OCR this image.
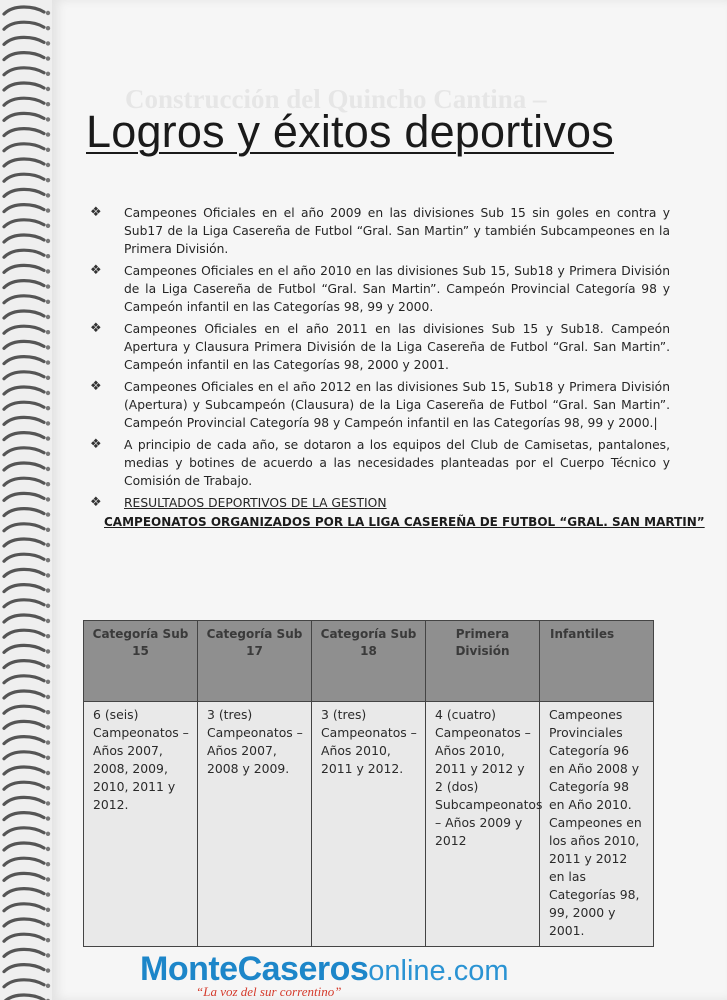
Construcción del Quincho Cantina –
Logros y éxitos deportivos
❖	Campeones Oficiales en el año 2009 en las divisiones Sub 15 sin goles en contra y Sub17 de la Liga Casereña de Futbol “Gral. San Martin” y también Subcampeones en la Primera División.
❖	Campeones Oficiales en el año 2010 en las divisiones Sub 15, Sub18 y Primera División de la Liga Casereña de Futbol “Gral. San Martin”. Campeón Provincial Categoría 98 y Campeón infantil en las Categorías 98, 99 y 2000.
❖	Campeones Oficiales en el año 2011 en las divisiones Sub 15 y Sub18. Campeón Apertura y Clausura Primera División de la Liga Casereña de Futbol “Gral. San Martin”. Campeón infantil en las Categorías 98, 2000 y 2001.
❖	Campeones Oficiales en el año 2012 en las divisiones Sub 15, Sub18 y Primera División (Apertura) y Subcampeón (Clausura) de la Liga Casereña de Futbol “Gral. San Martin”. Campeón Provincial Categoría 98 y Campeón infantil en las Categorías 98, 99 y 2000.|
❖	A principio de cada año, se dotaron a los equipos del Club de Camisetas, pantalones, medias y botines de acuerdo a las necesidades planteadas por el Cuerpo Técnico y Comisión de Trabajo.
❖	RESULTADOS DEPORTIVOS DE LA GESTION
CAMPEONATOS ORGANIZADOS POR LA LIGA CASEREÑA DE FUTBOL “GRAL. SAN MARTIN”
Categoría Sub 15	Categoría Sub 17	Categoría Sub 18	Primera División	Infantiles
6 (seis) Campeonatos – Años 2007, 2008, 2009, 2010, 2011 y 2012.	3 (tres) Campeonatos – Años 2007, 2008 y 2009.	3 (tres) Campeonatos – Años 2010, 2011 y 2012.	4 (cuatro) Campeonatos – Años 2010, 2011 y 2012 y 2 (dos) Subcampeonatos – Años 2009 y 2012	Campeones Provinciales Categoría 96 en Año 2008 y Categoría 98 en Año 2010. Campeones en los años 2010, 2011 y 2012 en las Categorías 98, 99, 2000 y 2001.
MonteCaserosonline.com
“La voz del sur correntino”
